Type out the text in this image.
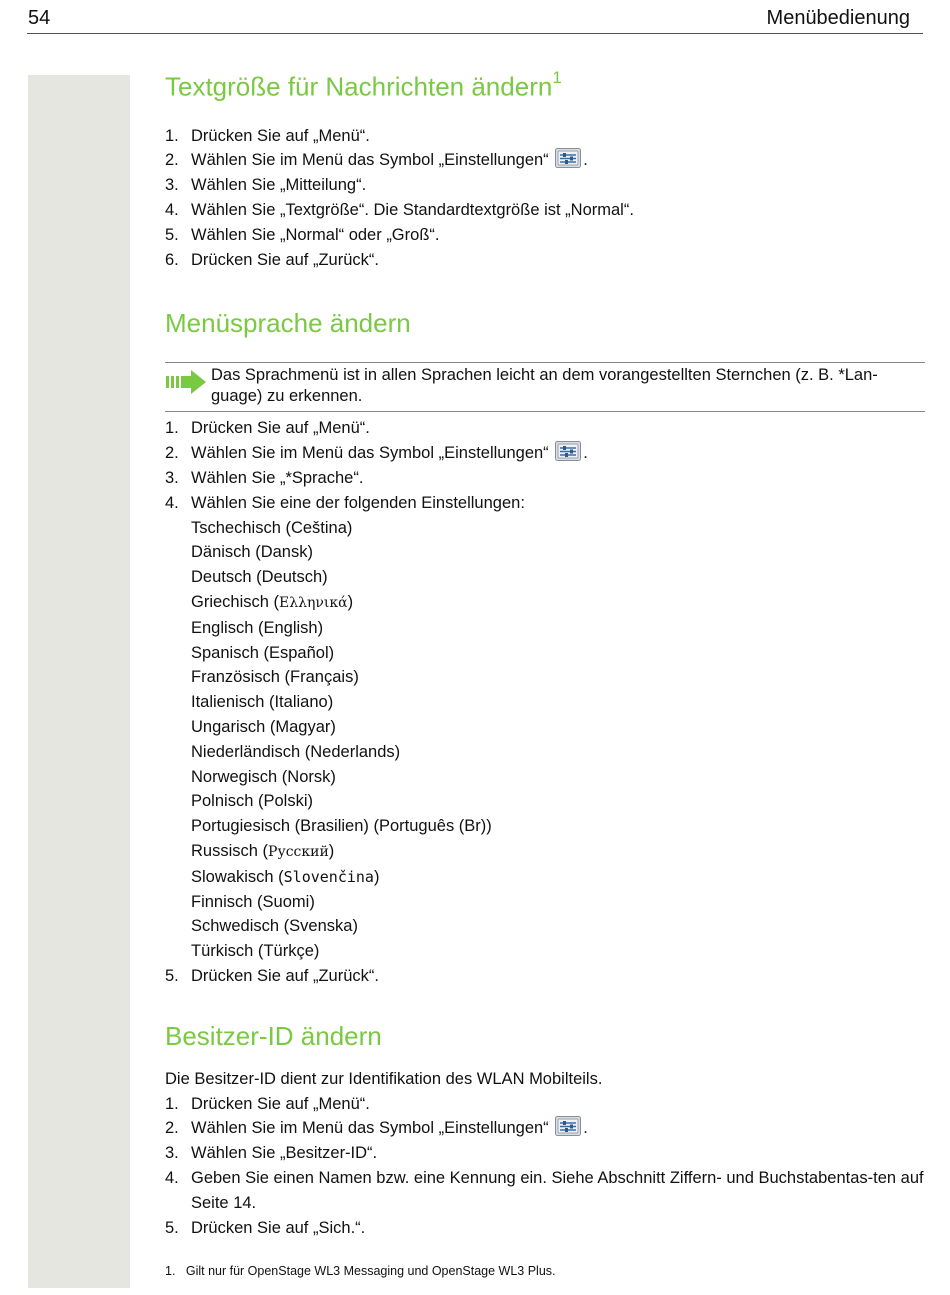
54	Menübedienung
Textgröße für Nachrichten ändern$^1$
1. Drücken Sie auf „Menü“.
2. Wählen Sie im Menü das Symbol „Einstellungen“ .
3. Wählen Sie „Mitteilung“.
4. Wählen Sie „Textgröße“. Die Standardtextgröße ist „Normal“.
5. Wählen Sie „Normal“ oder „Groß“.
6. Drücken Sie auf „Zurück“.
Menüsprache ändern
Das Sprachmenü ist in allen Sprachen leicht an dem vorangestellten Sternchen (z. B. *Lan-guage) zu erkennen.
1. Drücken Sie auf „Menü“.
2. Wählen Sie im Menü das Symbol „Einstellungen“ .
3. Wählen Sie „*Sprache“.
4. Wählen Sie eine der folgenden Einstellungen:
Tschechisch (Ceština)
Dänisch (Dansk)
Deutsch (Deutsch)
Griechisch (Ελληνικά)
Englisch (English)
Spanisch (Español)
Französisch (Français)
Italienisch (Italiano)
Ungarisch (Magyar)
Niederländisch (Nederlands)
Norwegisch (Norsk)
Polnisch (Polski)
Portugiesisch (Brasilien) (Português (Br))
Russisch (Русский)
Slowakisch (Slovenčina)
Finnisch (Suomi)
Schwedisch (Svenska)
Türkisch (Türkçe)
5. Drücken Sie auf „Zurück“.
Besitzer-ID ändern
Die Besitzer-ID dient zur Identifikation des WLAN Mobilteils.
1. Drücken Sie auf „Menü“.
2. Wählen Sie im Menü das Symbol „Einstellungen“ .
3. Wählen Sie „Besitzer-ID“.
4. Geben Sie einen Namen bzw. eine Kennung ein. Siehe Abschnitt Ziffern- und Buchstabentas-ten auf Seite 14.
5. Drücken Sie auf „Sich.“.
1. Gilt nur für OpenStage WL3 Messaging und OpenStage WL3 Plus.
